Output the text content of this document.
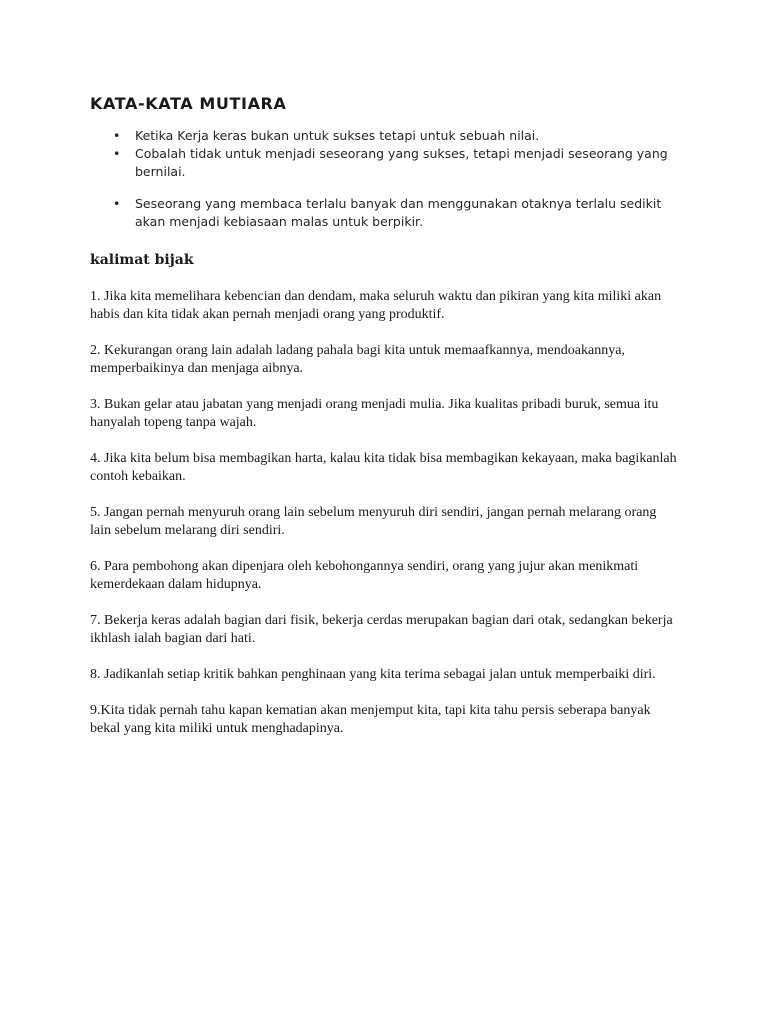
KATA-KATA MUTIARA
• Ketika Kerja keras bukan untuk sukses tetapi untuk sebuah nilai.
• Cobalah tidak untuk menjadi seseorang yang sukses, tetapi menjadi seseorang yang bernilai.
• Seseorang yang membaca terlalu banyak dan menggunakan otaknya terlalu sedikit akan menjadi kebiasaan malas untuk berpikir.
kalimat bijak

1. Jika kita memelihara kebencian dan dendam, maka seluruh waktu dan pikiran yang kita miliki akan habis dan kita tidak akan pernah menjadi orang yang produktif.

2. Kekurangan orang lain adalah ladang pahala bagi kita untuk memaafkannya, mendoakannya, memperbaikinya dan menjaga aibnya.

3. Bukan gelar atau jabatan yang menjadi orang menjadi mulia. Jika kualitas pribadi buruk, semua itu hanyalah topeng tanpa wajah.

4. Jika kita belum bisa membagikan harta, kalau kita tidak bisa membagikan kekayaan, maka bagikanlah contoh kebaikan.

5. Jangan pernah menyuruh orang lain sebelum menyuruh diri sendiri, jangan pernah melarang orang lain sebelum melarang diri sendiri.

6. Para pembohong akan dipenjara oleh kebohongannya sendiri, orang yang jujur akan menikmati kemerdekaan dalam hidupnya.

7. Bekerja keras adalah bagian dari fisik, bekerja cerdas merupakan bagian dari otak, sedangkan bekerja ikhlash ialah bagian dari hati.

8. Jadikanlah setiap kritik bahkan penghinaan yang kita terima sebagai jalan untuk memperbaiki diri.

9.Kita tidak pernah tahu kapan kematian akan menjemput kita, tapi kita tahu persis seberapa banyak bekal yang kita miliki untuk menghadapinya.
